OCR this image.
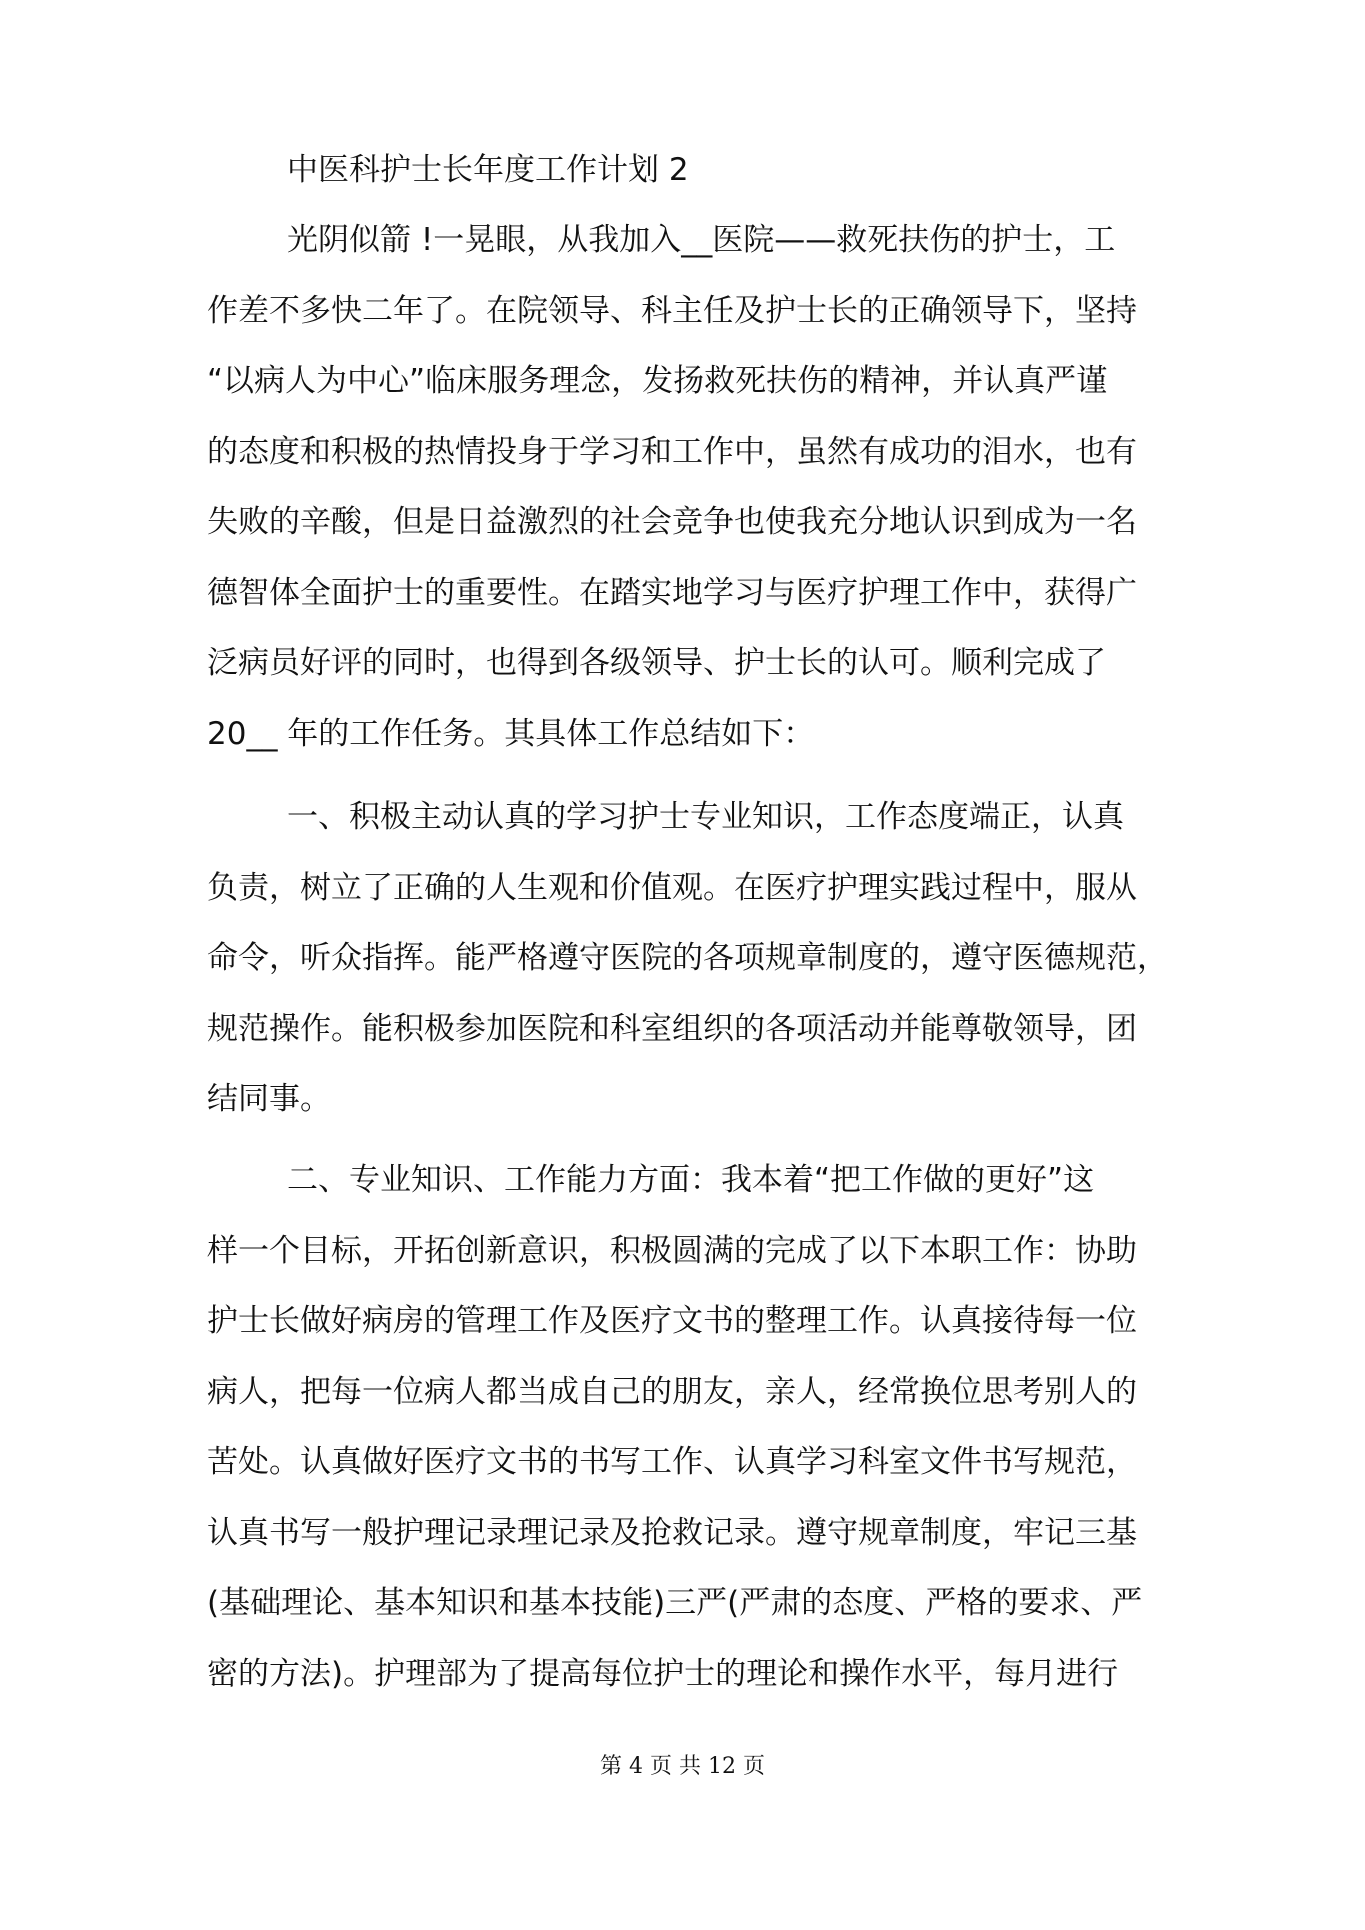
中医科护士长年度工作计划 2
光阴似箭 !一晃眼，从我加入__医院——救死扶伤的护士，工
作差不多快二年了。在院领导、科主任及护士长的正确领导下，坚持
“以病人为中心”临床服务理念，发扬救死扶伤的精神，并认真严谨
的态度和积极的热情投身于学习和工作中，虽然有成功的泪水，也有
失败的辛酸，但是日益激烈的社会竞争也使我充分地认识到成为一名
德智体全面护士的重要性。在踏实地学习与医疗护理工作中，获得广
泛病员好评的同时，也得到各级领导、护士长的认可。顺利完成了
20__ 年的工作任务。其具体工作总结如下：
一、积极主动认真的学习护士专业知识，工作态度端正，认真
负责，树立了正确的人生观和价值观。在医疗护理实践过程中，服从
命令，听众指挥。能严格遵守医院的各项规章制度的，遵守医德规范，
规范操作。能积极参加医院和科室组织的各项活动并能尊敬领导，团
结同事。
二、专业知识、工作能力方面：我本着“把工作做的更好”这
样一个目标，开拓创新意识，积极圆满的完成了以下本职工作：协助
护士长做好病房的管理工作及医疗文书的整理工作。认真接待每一位
病人，把每一位病人都当成自己的朋友，亲人，经常换位思考别人的
苦处。认真做好医疗文书的书写工作、认真学习科室文件书写规范，
认真书写一般护理记录理记录及抢救记录。遵守规章制度，牢记三基
(基础理论、基本知识和基本技能)三严(严肃的态度、严格的要求、严
密的方法)。护理部为了提高每位护士的理论和操作水平，每月进行
第 4 页 共 12 页
